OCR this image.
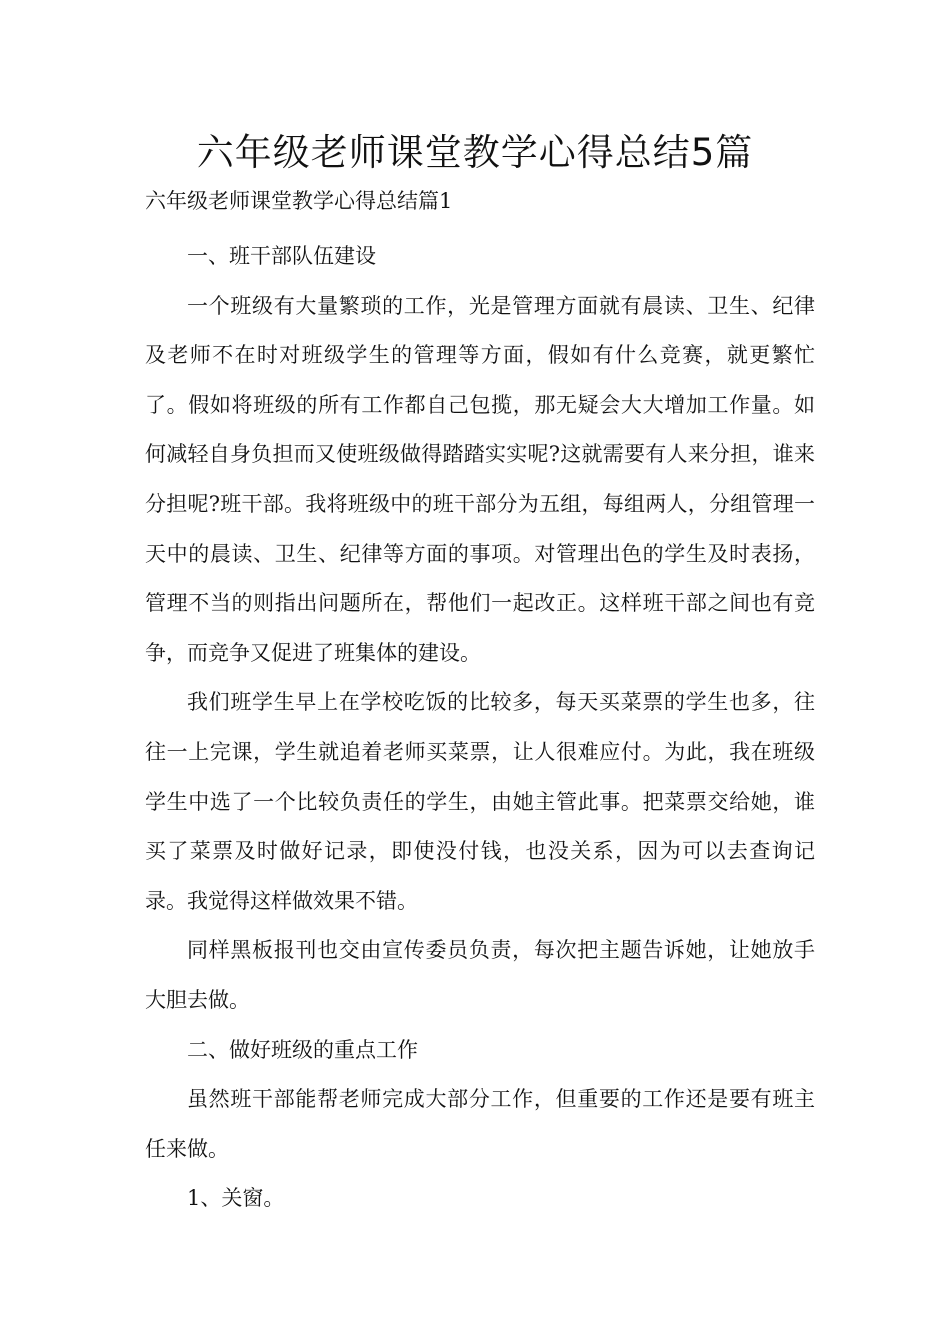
六年级老师课堂教学心得总结5篇

六年级老师课堂教学心得总结篇1

一、班干部队伍建设

一个班级有大量繁琐的工作，光是管理方面就有晨读、卫生、纪律及老师不在时对班级学生的管理等方面，假如有什么竞赛，就更繁忙了。假如将班级的所有工作都自己包揽，那无疑会大大增加工作量。如何减轻自身负担而又使班级做得踏踏实实呢?这就需要有人来分担，谁来分担呢?班干部。我将班级中的班干部分为五组，每组两人，分组管理一天中的晨读、卫生、纪律等方面的事项。对管理出色的学生及时表扬，管理不当的则指出问题所在，帮他们一起改正。这样班干部之间也有竞争，而竞争又促进了班集体的建设。

我们班学生早上在学校吃饭的比较多，每天买菜票的学生也多，往往一上完课，学生就追着老师买菜票，让人很难应付。为此，我在班级学生中选了一个比较负责任的学生，由她主管此事。把菜票交给她，谁买了菜票及时做好记录，即使没付钱，也没关系，因为可以去查询记录。我觉得这样做效果不错。

同样黑板报刊也交由宣传委员负责，每次把主题告诉她，让她放手大胆去做。

二、做好班级的重点工作

虽然班干部能帮老师完成大部分工作，但重要的工作还是要有班主任来做。

1、关窗。
